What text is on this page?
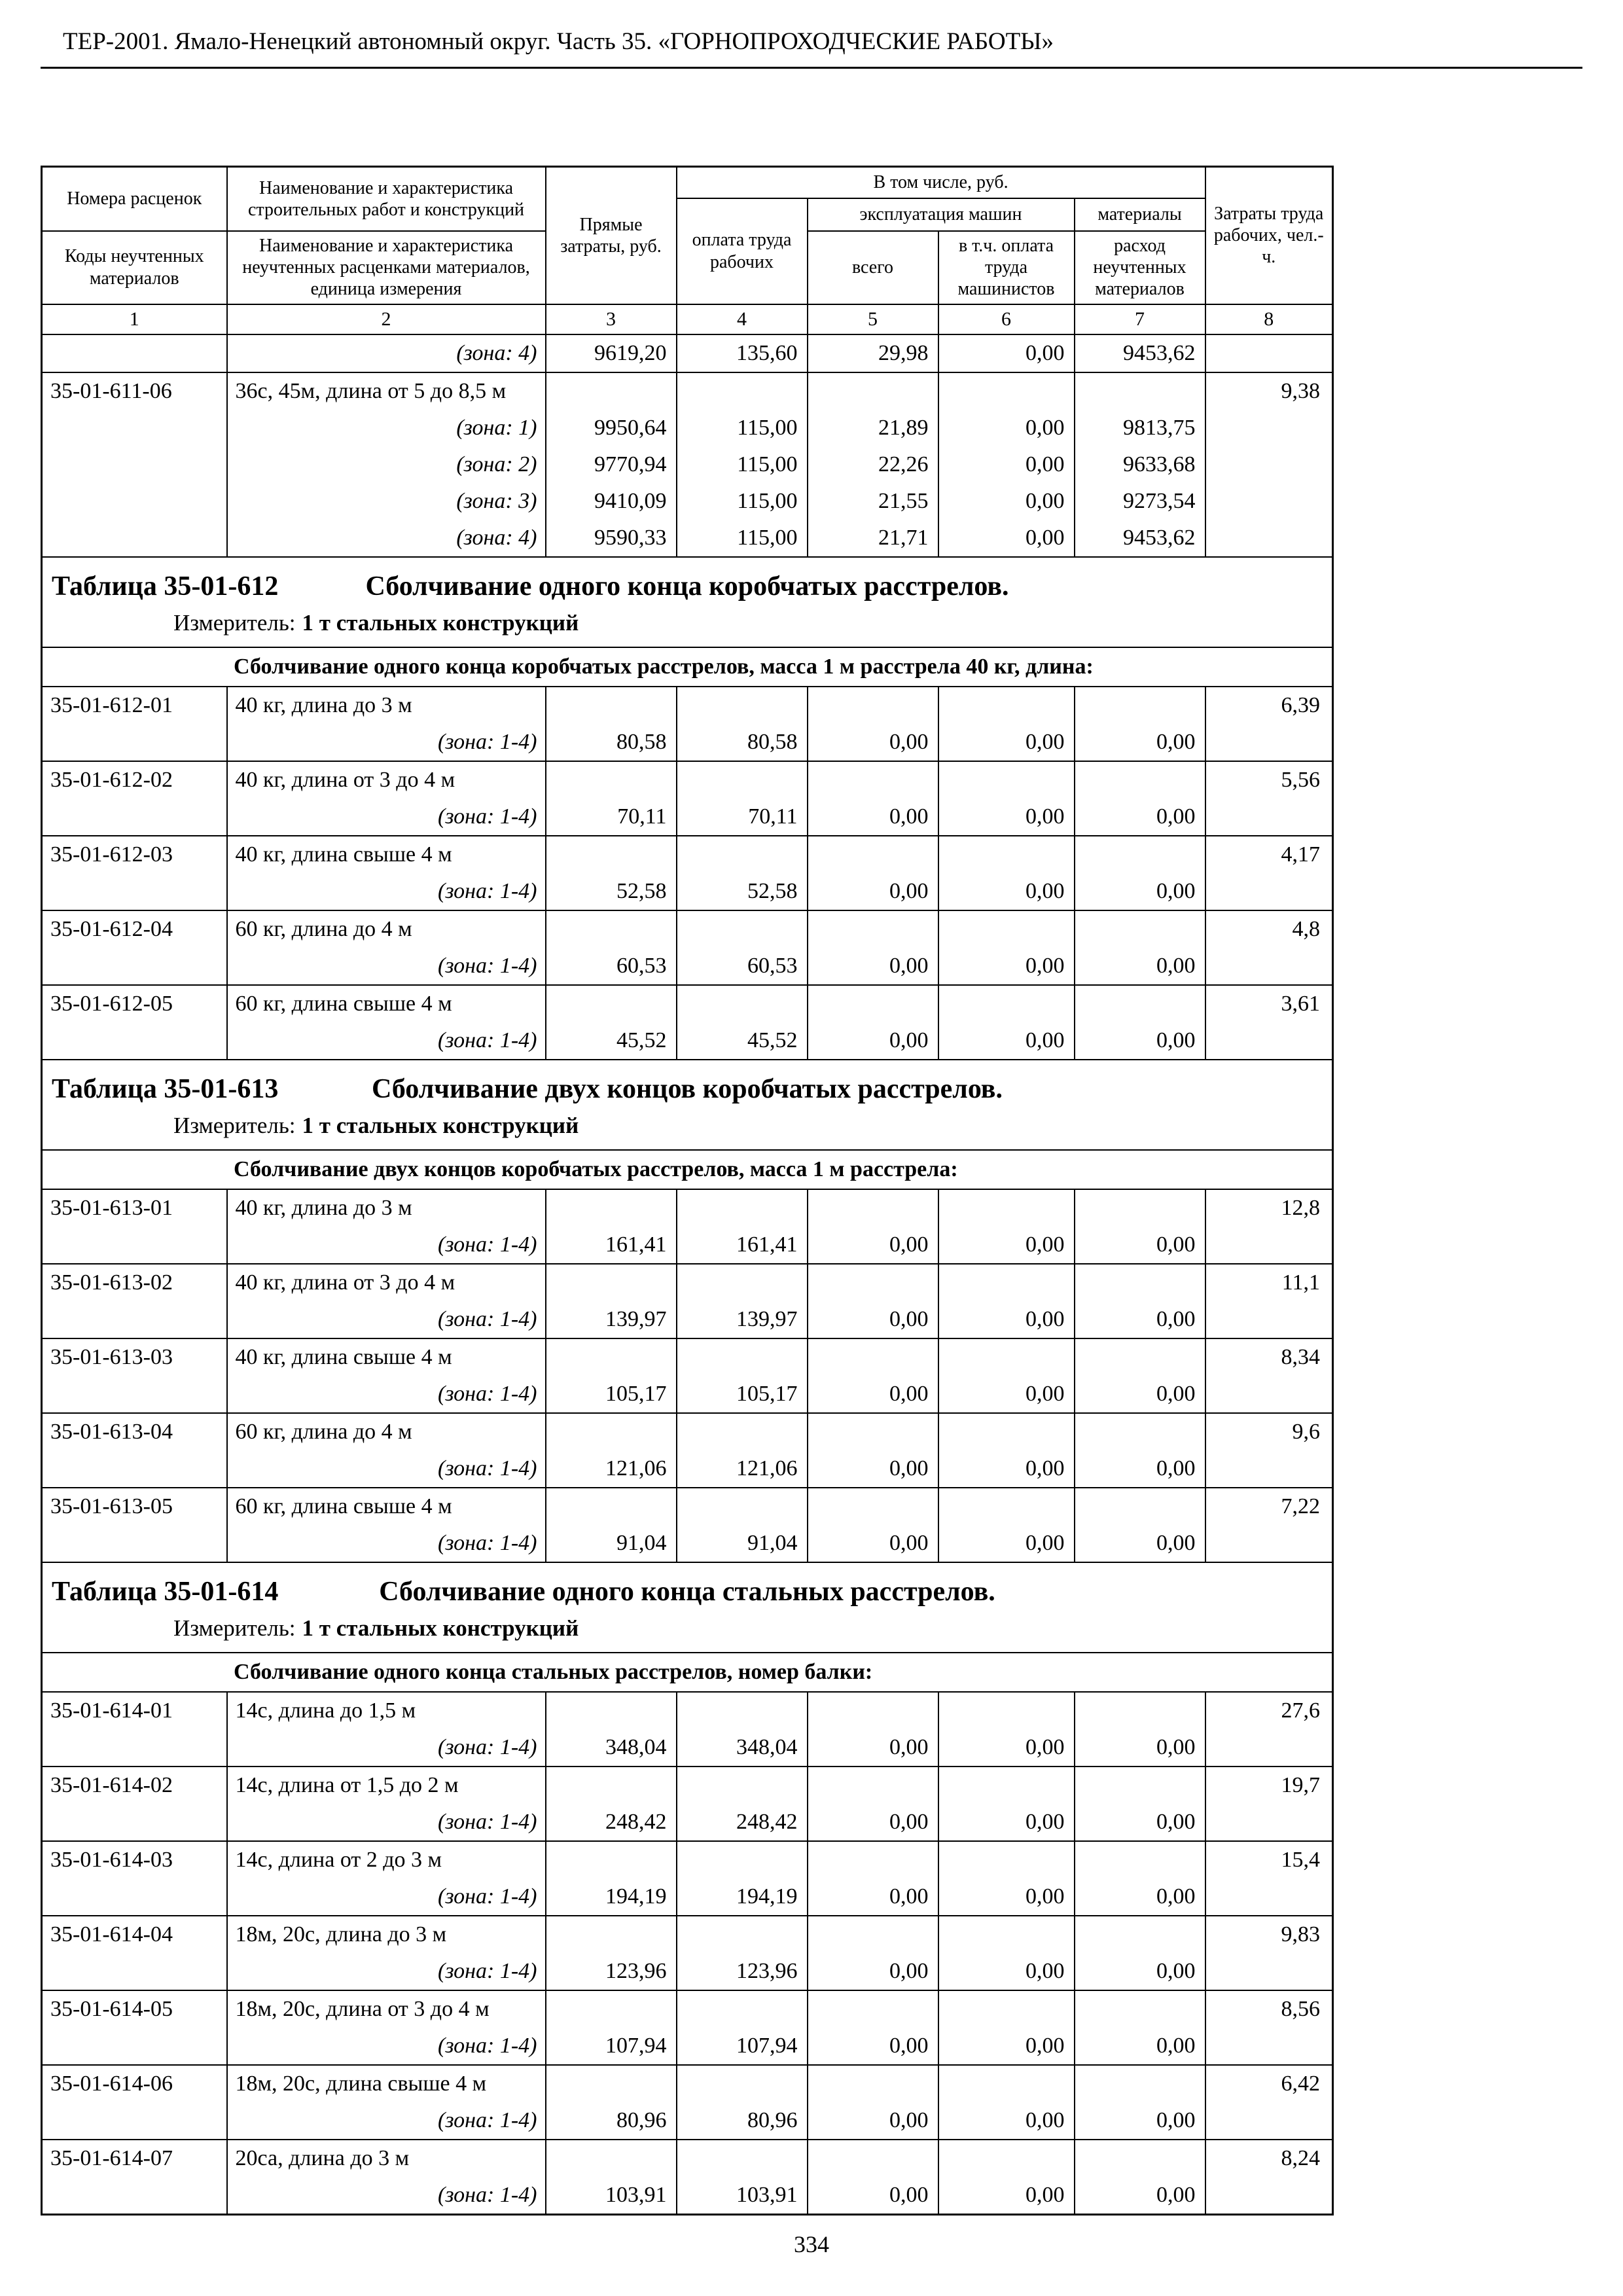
ТЕР-2001. Ямало-Ненецкий автономный округ. Часть 35. «ГОРНОПРОХОДЧЕСКИЕ РАБОТЫ»
Номера расценок	Наименование и характеристика строительных работ и конструкций	Прямые затраты, руб.	В том числе, руб.				Затраты труда рабочих, чел.-ч.
			оплата труда рабочих	эксплуатация машин		материалы	
Коды неучтенных материалов	Наименование и характеристика неучтенных расценками материалов, единица измерения			всего	в т.ч. оплата труда машинистов	расход неучтенных материалов	
1	2	3	4	5	6	7	8
	(зона: 4)	9619,20	135,60	29,98	0,00	9453,62	
35-01-611-06	36с, 45м, длина от 5 до 8,5 м						9,38
	(зона: 1)	9950,64	115,00	21,89	0,00	9813,75	
	(зона: 2)	9770,94	115,00	22,26	0,00	9633,68	
	(зона: 3)	9410,09	115,00	21,55	0,00	9273,54	
	(зона: 4)	9590,33	115,00	21,71	0,00	9453,62	

Таблица 35-01-612 Сболчивание одного конца коробчатых расстрелов.
Измеритель: 1 т стальных конструкций							

Сболчивание одного конца коробчатых расстрелов, масса 1 м расстрела 40 кг, длина:							
35-01-612-01	40 кг, длина до 3 м						6,39
	(зона: 1-4)	80,58	80,58	0,00	0,00	0,00	
35-01-612-02	40 кг, длина от 3 до 4 м						5,56
	(зона: 1-4)	70,11	70,11	0,00	0,00	0,00	
35-01-612-03	40 кг, длина свыше 4 м						4,17
	(зона: 1-4)	52,58	52,58	0,00	0,00	0,00	
35-01-612-04	60 кг, длина до 4 м						4,8
	(зона: 1-4)	60,53	60,53	0,00	0,00	0,00	
35-01-612-05	60 кг, длина свыше 4 м						3,61
	(зона: 1-4)	45,52	45,52	0,00	0,00	0,00	

Таблица 35-01-613 Сболчивание двух концов коробчатых расстрелов.
Измеритель: 1 т стальных конструкций							

Сболчивание двух концов коробчатых расстрелов, масса 1 м расстрела:							
35-01-613-01	40 кг, длина до 3 м						12,8
	(зона: 1-4)	161,41	161,41	0,00	0,00	0,00	
35-01-613-02	40 кг, длина от 3 до 4 м						11,1
	(зона: 1-4)	139,97	139,97	0,00	0,00	0,00	
35-01-613-03	40 кг, длина свыше 4 м						8,34
	(зона: 1-4)	105,17	105,17	0,00	0,00	0,00	
35-01-613-04	60 кг, длина до 4 м						9,6
	(зона: 1-4)	121,06	121,06	0,00	0,00	0,00	
35-01-613-05	60 кг, длина свыше 4 м						7,22
	(зона: 1-4)	91,04	91,04	0,00	0,00	0,00	

Таблица 35-01-614 Сболчивание одного конца стальных расстрелов.
Измеритель: 1 т стальных конструкций							

Сболчивание одного конца стальных расстрелов, номер балки:							
35-01-614-01	14с, длина до 1,5 м						27,6
	(зона: 1-4)	348,04	348,04	0,00	0,00	0,00	
35-01-614-02	14с, длина от 1,5 до 2 м						19,7
	(зона: 1-4)	248,42	248,42	0,00	0,00	0,00	
35-01-614-03	14с, длина от 2 до 3 м						15,4
	(зона: 1-4)	194,19	194,19	0,00	0,00	0,00	
35-01-614-04	18м, 20с, длина до 3 м						9,83
	(зона: 1-4)	123,96	123,96	0,00	0,00	0,00	
35-01-614-05	18м, 20с, длина от 3 до 4 м						8,56
	(зона: 1-4)	107,94	107,94	0,00	0,00	0,00	
35-01-614-06	18м, 20с, длина свыше 4 м						6,42
	(зона: 1-4)	80,96	80,96	0,00	0,00	0,00	
35-01-614-07	20са, длина до 3 м						8,24
	(зона: 1-4)	103,91	103,91	0,00	0,00	0,00	
334
